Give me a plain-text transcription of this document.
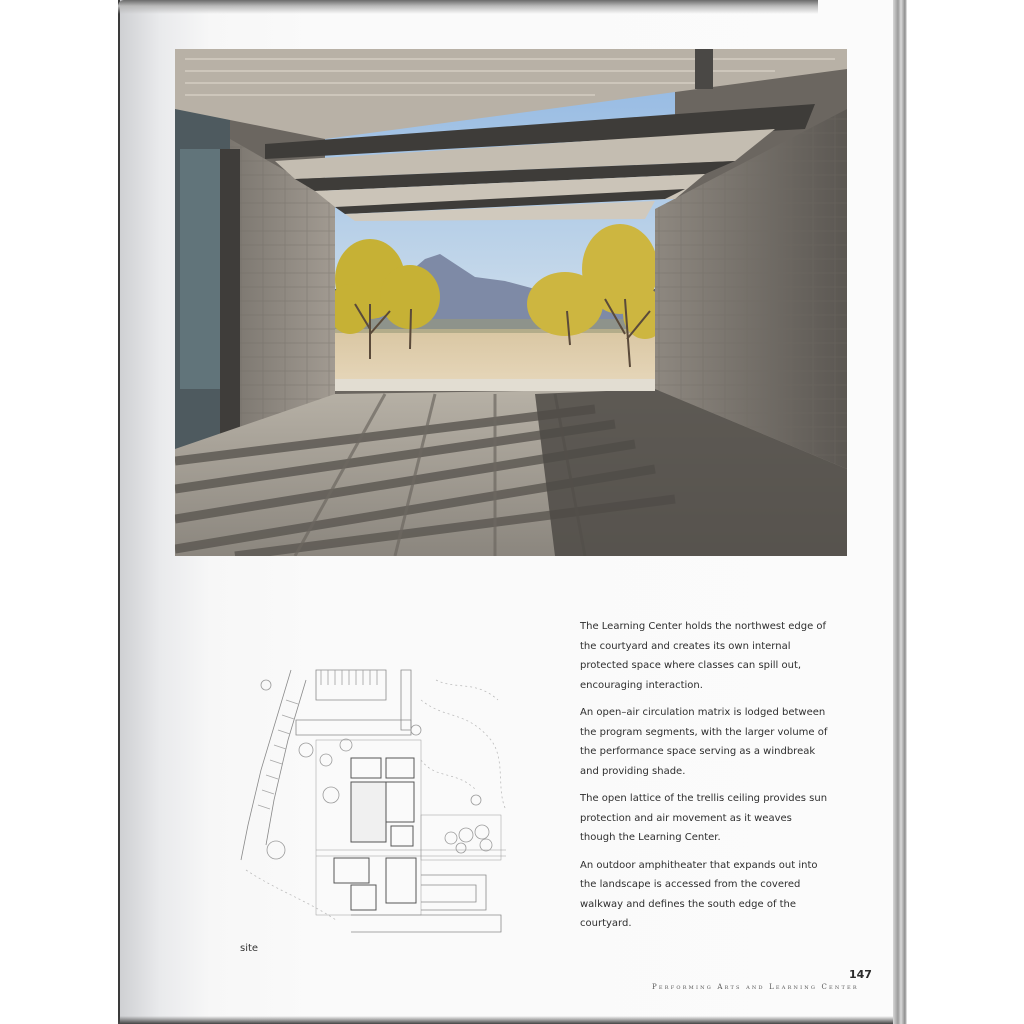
site

The Learning Center holds the northwest edge of the courtyard and creates its own internal protected space where classes can spill out, encouraging interaction.

An open–air circulation matrix is lodged between the program segments, with the larger volume of the performance space serving as a windbreak and providing shade.

The open lattice of the trellis ceiling provides sun protection and air movement as it weaves though the Learning Center.

An outdoor amphitheater that expands out into the landscape is accessed from the covered walkway and defines the south edge of the courtyard.

147
Performing Arts and Learning Center
